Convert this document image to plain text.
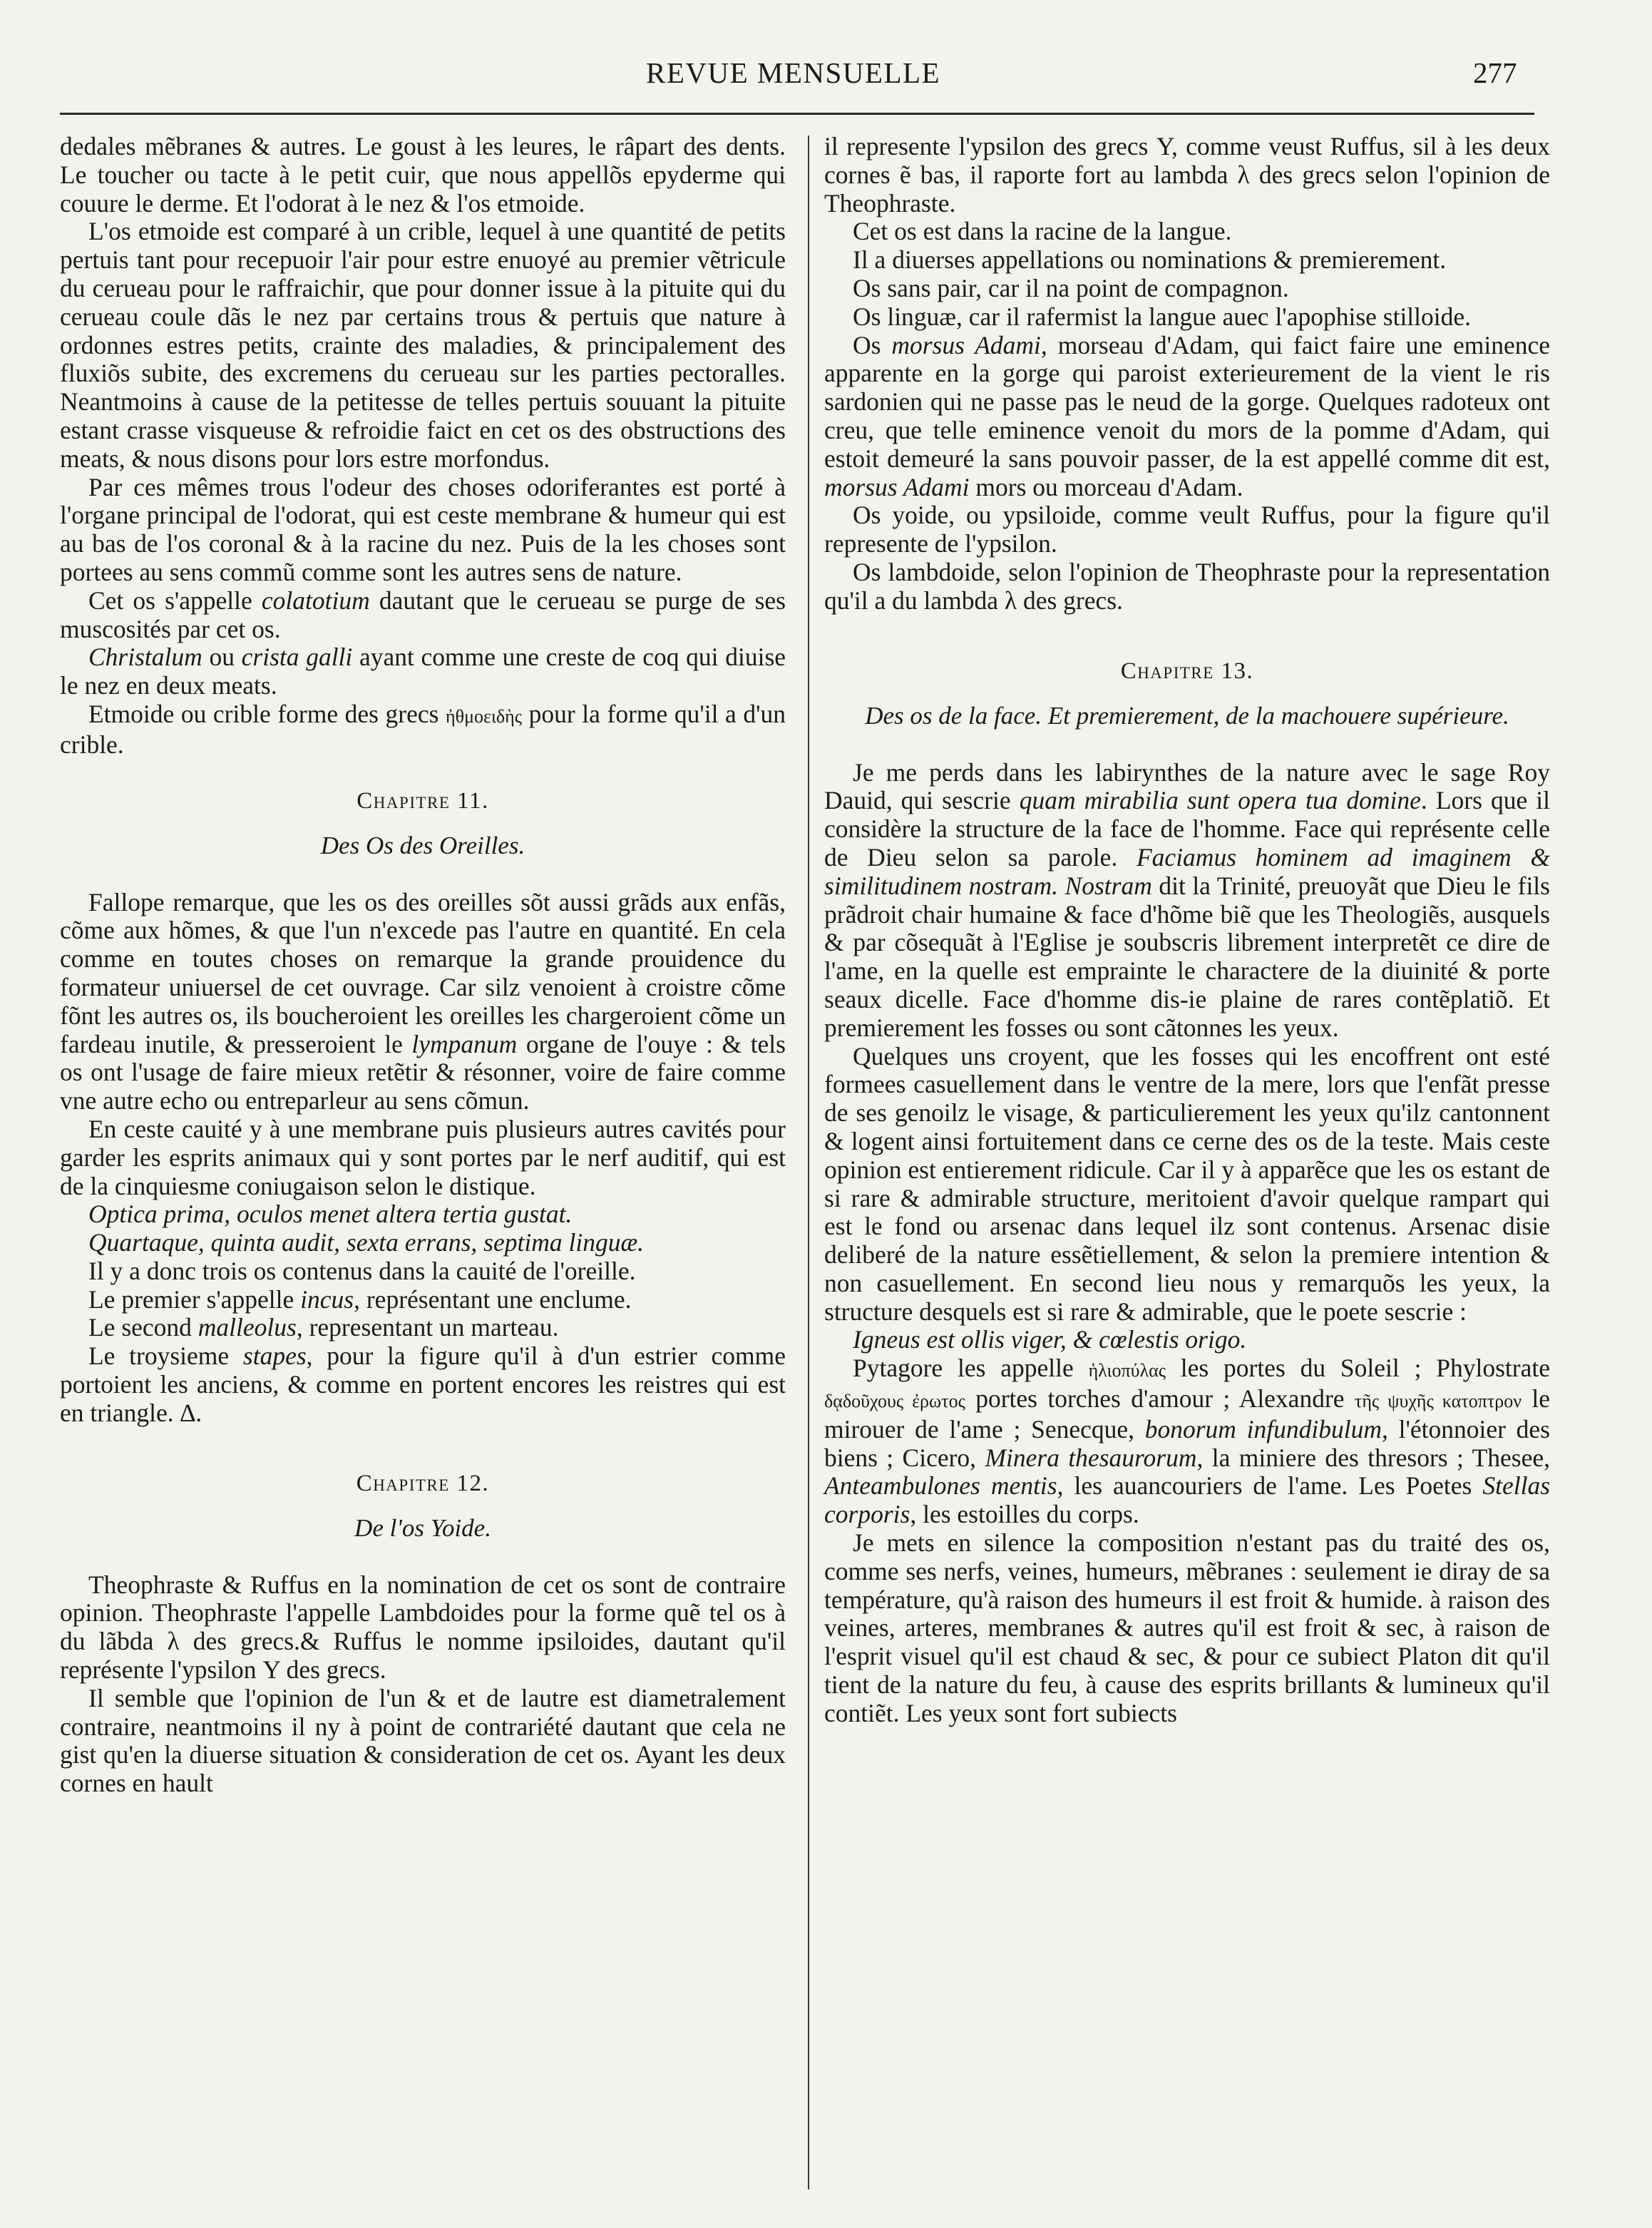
REVUE MENSUELLE	277

dedales mẽbranes & autres. Le goust à les leures, le râpart des dents. Le toucher ou tacte à le petit cuir, que nous appellõs epyderme qui couure le derme. Et l'odorat à le nez & l'os etmoide.

L'os etmoide est comparé à un crible, lequel à une quantité de petits pertuis tant pour recepuoir l'air pour estre enuoyé au premier vẽtricule du cerueau pour le raffraichir, que pour donner issue à la pituite qui du cerueau coule dãs le nez par certains trous & pertuis que nature à ordonnes estres petits, crainte des maladies, & principalement des fluxiõs subite, des excremens du cerueau sur les parties pectoralles. Neantmoins à cause de la petitesse de telles pertuis souuant la pituite estant crasse visqueuse & refroidie faict en cet os des obstructions des meats, & nous disons pour lors estre morfondus.

Par ces mêmes trous l'odeur des choses odoriferantes est porté à l'organe principal de l'odorat, qui est ceste membrane & humeur qui est au bas de l'os coronal & à la racine du nez. Puis de la les choses sont portees au sens commũ comme sont les autres sens de nature.

Cet os s'appelle colatotium dautant que le cerueau se purge de ses muscosités par cet os.

Christalum ou crista galli ayant comme une creste de coq qui diuise le nez en deux meats.

Etmoide ou crible forme des grecs ἠθμοειδὴς pour la forme qu'il a d'un crible.

Chapitre 11.
Des Os des Oreilles.

Fallope remarque, que les os des oreilles sõt aussi grãds aux enfãs, cõme aux hõmes, & que l'un n'excede pas l'autre en quantité. En cela comme en toutes choses on remarque la grande prouidence du formateur uniuersel de cet ouvrage. Car silz venoient à croistre cõme fõnt les autres os, ils boucheroient les oreilles les chargeroient cõme un fardeau inutile, & presseroient le lympanum organe de l'ouye : & tels os ont l'usage de faire mieux retẽtir & résonner, voire de faire comme vne autre echo ou entreparleur au sens cõmun.

En ceste cauité y à une membrane puis plusieurs autres cavités pour garder les esprits animaux qui y sont portes par le nerf auditif, qui est de la cinquiesme coniugaison selon le distique.

Optica prima, oculos menet altera tertia gustat.

Quartaque, quinta audit, sexta errans, septima linguæ.

Il y a donc trois os contenus dans la cauité de l'oreille.

Le premier s'appelle incus, représentant une enclume.

Le second malleolus, representant un marteau.

Le troysieme stapes, pour la figure qu'il à d'un estrier comme portoient les anciens, & comme en portent encores les reistres qui est en triangle. ∆.

Chapitre 12.
De l'os Yoide.

Theophraste & Ruffus en la nomination de cet os sont de contraire opinion. Theophraste l'appelle Lambdoides pour la forme quẽ tel os à du lãbda λ des grecs.& Ruffus le nomme ipsiloides, dautant qu'il représente l'ypsilon Υ des grecs.

Il semble que l'opinion de l'un & et de lautre est diametralement contraire, neantmoins il ny à point de contrariété dautant que cela ne gist qu'en la diuerse situation & consideration de cet os. Ayant les deux cornes en hault

il represente l'ypsilon des grecs Υ, comme veust Ruffus, sil à les deux cornes ẽ bas, il raporte fort au lambda λ des grecs selon l'opinion de Theophraste.

Cet os est dans la racine de la langue.

Il a diuerses appellations ou nominations & premierement.

Os sans pair, car il na point de compagnon.

Os linguæ, car il rafermist la langue auec l'apophise stilloide.

Os morsus Adami, morseau d'Adam, qui faict faire une eminence apparente en la gorge qui paroist exterieurement de la vient le ris sardonien qui ne passe pas le neud de la gorge. Quelques radoteux ont creu, que telle eminence venoit du mors de la pomme d'Adam, qui estoit demeuré la sans pouvoir passer, de la est appellé comme dit est, morsus Adami mors ou morceau d'Adam.

Os yoide, ou ypsiloide, comme veult Ruffus, pour la figure qu'il represente de l'ypsilon.

Os lambdoide, selon l'opinion de Theophraste pour la representation qu'il a du lambda λ des grecs.

Chapitre 13.
Des os de la face. Et premierement, de la machouere supérieure.

Je me perds dans les labirynthes de la nature avec le sage Roy Dauid, qui sescrie quam mirabilia sunt opera tua domine. Lors que il considère la structure de la face de l'homme. Face qui représente celle de Dieu selon sa parole. Faciamus hominem ad imaginem & similitudinem nostram. Nostram dit la Trinité, preuoyãt que Dieu le fils prãdroit chair humaine & face d'hõme biẽ que les Theologiẽs, ausquels & par cõsequãt à l'Eglise je soubscris librement interpretẽt ce dire de l'ame, en la quelle est emprainte le charactere de la diuinité & porte seaux dicelle. Face d'homme dis-ie plaine de rares contẽplatiõ. Et premierement les fosses ou sont cãtonnes les yeux.

Quelques uns croyent, que les fosses qui les encoffrent ont esté formees casuellement dans le ventre de la mere, lors que l'enfãt presse de ses genoilz le visage, & particulierement les yeux qu'ilz cantonnent & logent ainsi fortuitement dans ce cerne des os de la teste. Mais ceste opinion est entierement ridicule. Car il y à apparẽce que les os estant de si rare & admirable structure, meritoient d'avoir quelque rampart qui est le fond ou arsenac dans lequel ilz sont contenus. Arsenac disie deliberé de la nature essẽtiellement, & selon la premiere intention & non casuellement. En second lieu nous y remarquõs les yeux, la structure desquels est si rare & admirable, que le poete sescrie :

Igneus est ollis viger, & cœlestis origo.

Pytagore les appelle ἡλιοπύλας les portes du Soleil ; Phylostrate δᾳδοῦχους ἐρωτος portes torches d'amour ; Alexandre τῆς ψυχῆς κατοπτρον le mirouer de l'ame ; Senecque, bonorum infundibulum, l'étonnoier des biens ; Cicero, Minera thesaurorum, la miniere des thresors ; Thesee, Anteambulones mentis, les auancouriers de l'ame. Les Poetes Stellas corporis, les estoilles du corps.

Je mets en silence la composition n'estant pas du traité des os, comme ses nerfs, veines, humeurs, mẽbranes : seulement ie diray de sa température, qu'à raison des humeurs il est froit & humide. à raison des veines, arteres, membranes & autres qu'il est froit & sec, à raison de l'esprit visuel qu'il est chaud & sec, & pour ce subiect Platon dit qu'il tient de la nature du feu, à cause des esprits brillants & lumineux qu'il contiẽt. Les yeux sont fort subiects
